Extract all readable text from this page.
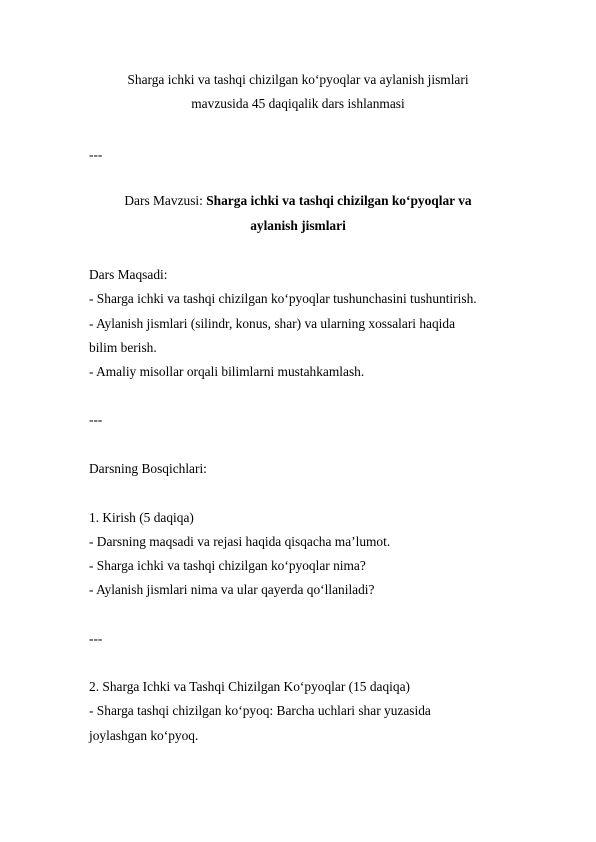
Sharga ichki va tashqi chizilgan ko‘pyoqlar va aylanish jismlari
mavzusida 45 daqiqalik dars ishlanmasi
---
Dars Mavzusi: Sharga ichki va tashqi chizilgan ko‘pyoqlar va
aylanish jismlari
Dars Maqsadi:
- Sharga ichki va tashqi chizilgan ko‘pyoqlar tushunchasini tushuntirish.
- Aylanish jismlari (silindr, konus, shar) va ularning xossalari haqida
bilim berish.
- Amaliy misollar orqali bilimlarni mustahkamlash.
---
Darsning Bosqichlari:
1. Kirish (5 daqiqa)
- Darsning maqsadi va rejasi haqida qisqacha ma’lumot.
- Sharga ichki va tashqi chizilgan ko‘pyoqlar nima?
- Aylanish jismlari nima va ular qayerda qo‘llaniladi?
---
2. Sharga Ichki va Tashqi Chizilgan Ko‘pyoqlar (15 daqiqa)
- Sharga tashqi chizilgan ko‘pyoq: Barcha uchlari shar yuzasida
joylashgan ko‘pyoq.
